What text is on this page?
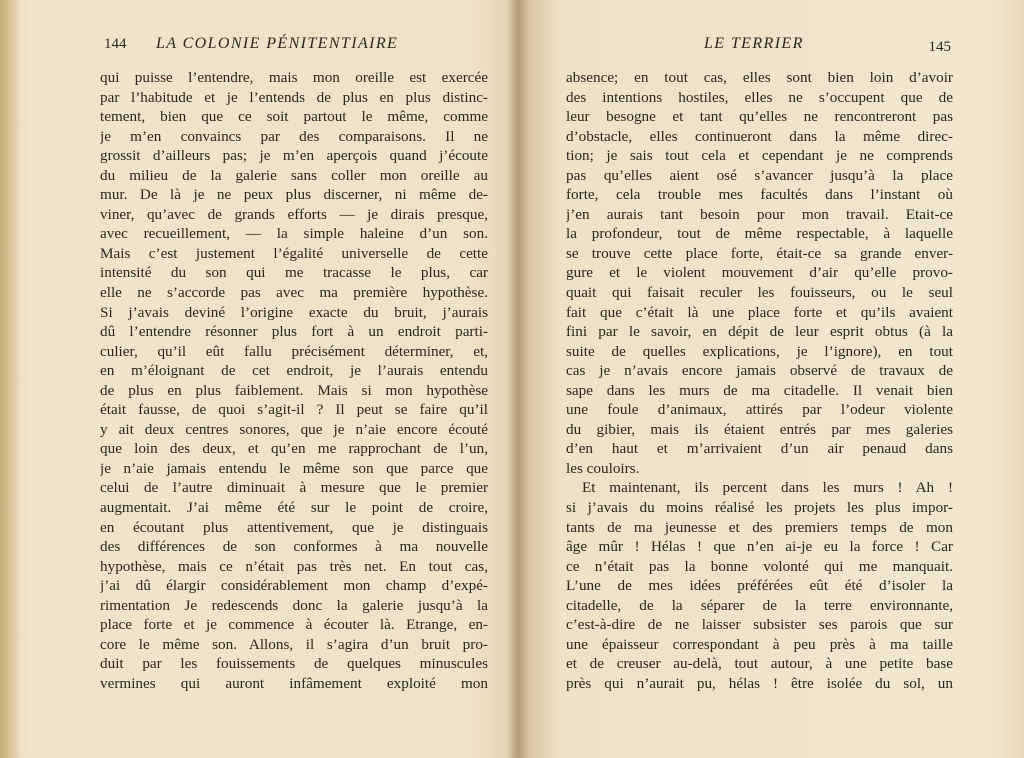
144 LA COLONIE PÉNITENTIAIRE
qui puisse l’entendre, mais mon oreille est exercée
par l’habitude et je l’entends de plus en plus distinc-
tement, bien que ce soit partout le même, comme
je m’en convaincs par des comparaisons. Il ne
grossit d’ailleurs pas; je m’en aperçois quand j’écoute
du milieu de la galerie sans coller mon oreille au
mur. De là je ne peux plus discerner, ni même de-
viner, qu’avec de grands efforts — je dirais presque,
avec recueillement, — la simple haleine d’un son.
Mais c’est justement l’égalité universelle de cette
intensité du son qui me tracasse le plus, car
elle ne s’accorde pas avec ma première hypothèse.
Si j’avais deviné l’origine exacte du bruit, j’aurais
dû l’entendre résonner plus fort à un endroit parti-
culier, qu’il eût fallu précisément déterminer, et,
en m’éloignant de cet endroit, je l’aurais entendu
de plus en plus faiblement. Mais si mon hypothèse
était fausse, de quoi s’agit-il ? Il peut se faire qu’il
y ait deux centres sonores, que je n’aie encore écouté
que loin des deux, et qu’en me rapprochant de l’un,
je n’aie jamais entendu le même son que parce que
celui de l’autre diminuait à mesure que le premier
augmentait. J’ai même été sur le point de croire,
en écoutant plus attentivement, que je distinguais
des différences de son conformes à ma nouvelle
hypothèse, mais ce n’était pas très net. En tout cas,
j’ai dû élargir considérablement mon champ d’expé-
rimentation Je redescends donc la galerie jusqu’à la
place forte et je commence à écouter là. Etrange, en-
core le même son. Allons, il s’agira d’un bruit pro-
duit par les fouissements de quelques minuscules
vermines qui auront infâmement exploité mon
LE TERRIER	145
absence; en tout cas, elles sont bien loin d’avoir
des intentions hostiles, elles ne s’occupent que de
leur besogne et tant qu’elles ne rencontreront pas
d’obstacle, elles continueront dans la même direc-
tion; je sais tout cela et cependant je ne comprends
pas qu’elles aient osé s’avancer jusqu’à la place
forte, cela trouble mes facultés dans l’instant où
j’en aurais tant besoin pour mon travail. Etait-ce
la profondeur, tout de même respectable, à laquelle
se trouve cette place forte, était-ce sa grande enver-
gure et le violent mouvement d’air qu’elle provo-
quait qui faisait reculer les fouisseurs, ou le seul
fait que c’était là une place forte et qu’ils avaient
fini par le savoir, en dépit de leur esprit obtus (à la
suite de quelles explications, je l’ignore), en tout
cas je n’avais encore jamais observé de travaux de
sape dans les murs de ma citadelle. Il venait bien
une foule d’animaux, attirés par l’odeur violente
du gibier, mais ils étaient entrés par mes galeries
d’en haut et m’arrivaient d’un air penaud dans
les couloirs.
Et maintenant, ils percent dans les murs ! Ah !
si j’avais du moins réalisé les projets les plus impor-
tants de ma jeunesse et des premiers temps de mon
âge mûr ! Hélas ! que n’en ai-je eu la force ! Car
ce n’était pas la bonne volonté qui me manquait.
L’une de mes idées préférées eût été d’isoler la
citadelle, de la séparer de la terre environnante,
c’est-à-dire de ne laisser subsister ses parois que sur
une épaisseur correspondant à peu près à ma taille
et de creuser au-delà, tout autour, à une petite base
près qui n’aurait pu, hélas ! être isolée du sol, un
